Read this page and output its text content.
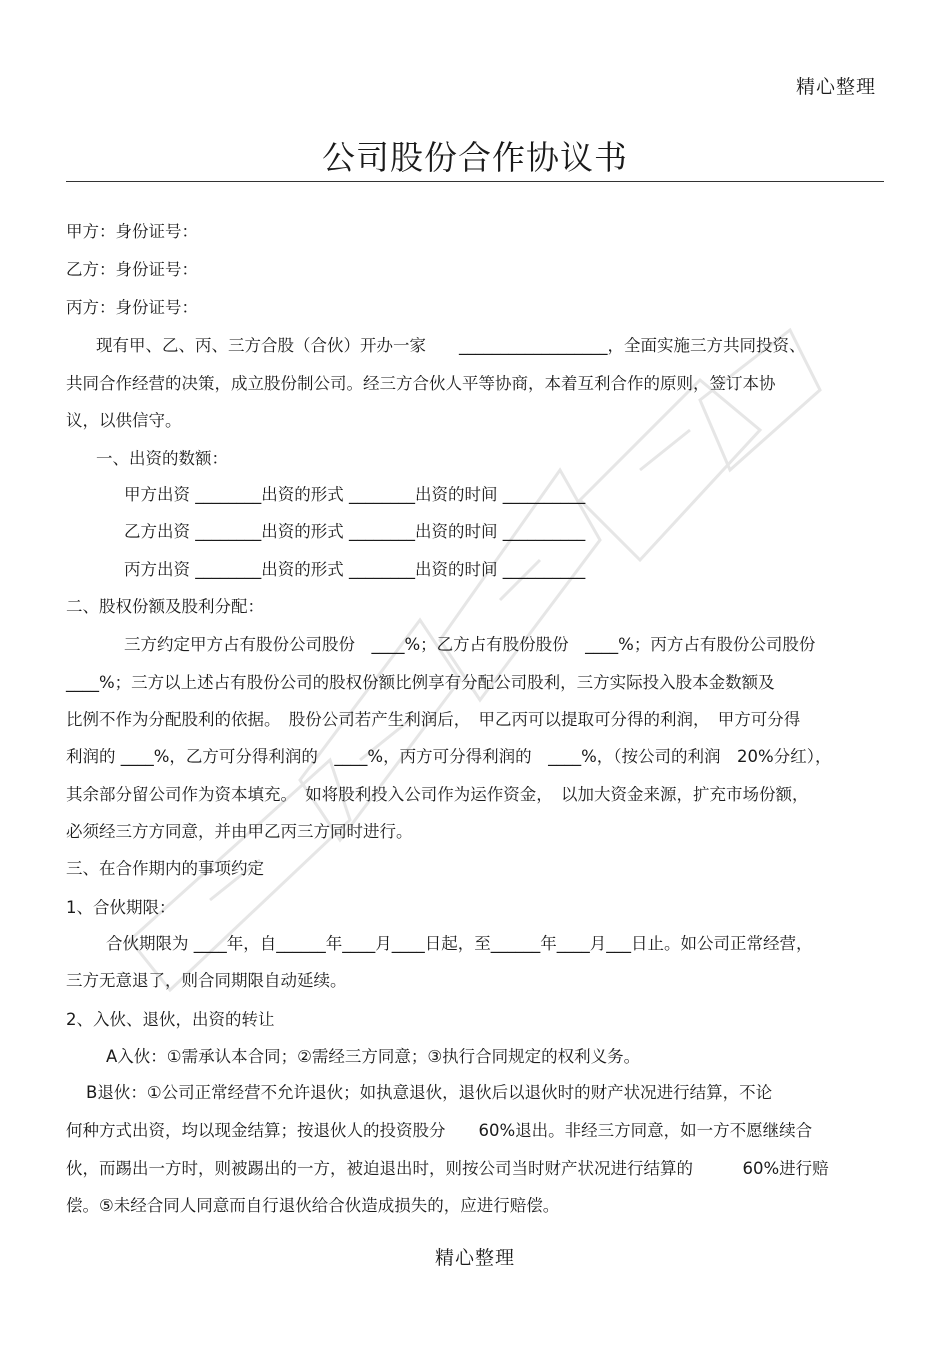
精心整理
公司股份合作协议书
甲方：身份证号：
乙方：身份证号：
丙方：身份证号：
现有甲、乙、丙、三方合股（合伙）开办一家　　__________________，全面实施三方共同投资、
共同合作经营的决策，成立股份制公司。经三方合伙人平等协商，本着互利合作的原则，签订本协
议，以供信守。
一、出资的数额：
甲方出资 ________出资的形式 ________出资的时间 __________
乙方出资 ________出资的形式 ________出资的时间 __________
丙方出资 ________出资的形式 ________出资的时间 __________
二、股权份额及股利分配：
三方约定甲方占有股份公司股份　____%；乙方占有股份股份　____%；丙方占有股份公司股份
____%；三方以上述占有股份公司的股权份额比例享有分配公司股利，三方实际投入股本金数额及
比例不作为分配股利的依据。　股份公司若产生利润后，　甲乙丙可以提取可分得的利润，　甲方可分得
利润的 ____%，乙方可分得利润的　____%，丙方可分得利润的　____%，（按公司的利润　20%分红），
其余部分留公司作为资本填充。　如将股利投入公司作为运作资金，　以加大资金来源，扩充市场份额，
必须经三方方同意，并由甲乙丙三方同时进行。
三、在合作期内的事项约定
1、合伙期限：
合伙期限为 ____年，自______年____月____日起，至______年____月___日止。如公司正常经营，
三方无意退了，则合同期限自动延续。
2、入伙、退伙，出资的转让
A入伙：①需承认本合同；②需经三方同意；③执行合同规定的权利义务。
B退伙：①公司正常经营不允许退伙；如执意退伙，退伙后以退伙时的财产状况进行结算，不论
何种方式出资，均以现金结算；按退伙人的投资股分　　60%退出。非经三方同意，如一方不愿继续合
伙，而踢出一方时，则被踢出的一方，被迫退出时，则按公司当时财产状况进行结算的　　　60%进行赔
偿。⑤未经合同人同意而自行退伙给合伙造成损失的，应进行赔偿。
精心整理
